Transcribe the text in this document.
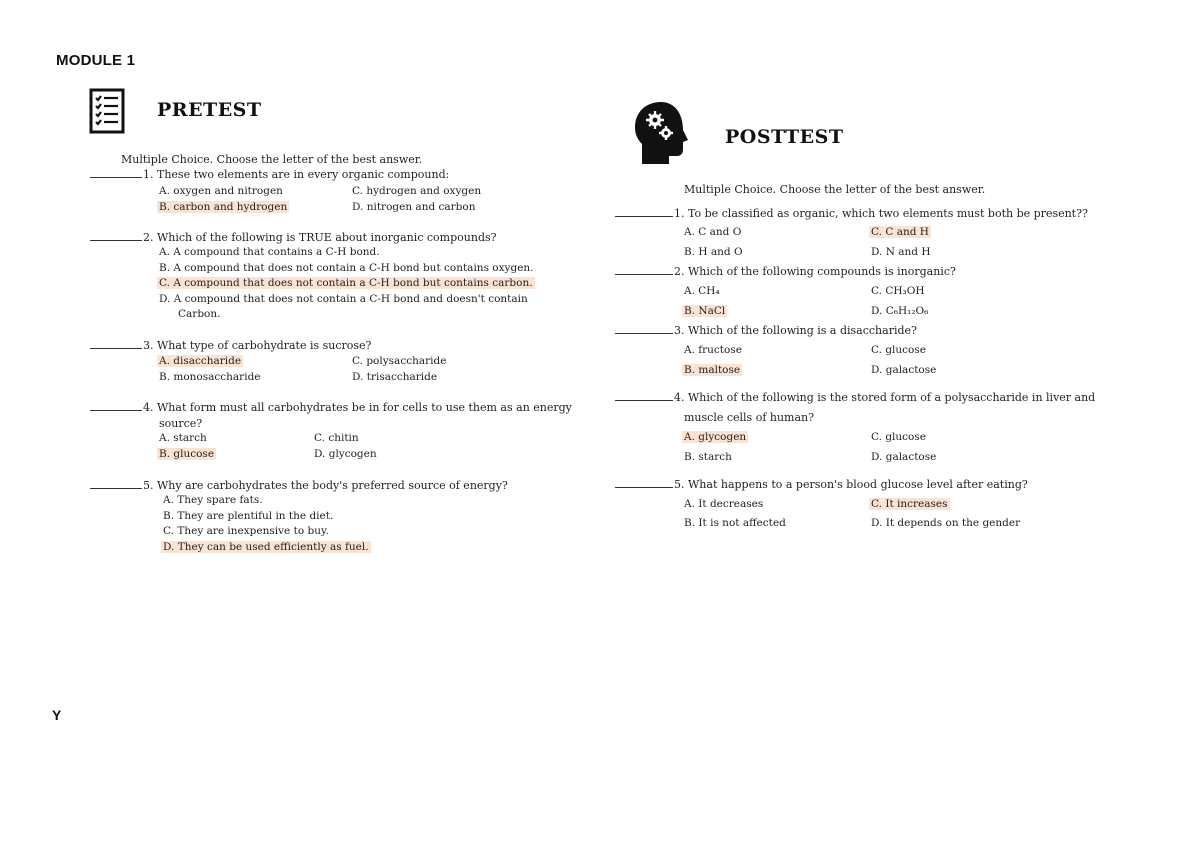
MODULE 1
Y
PRETEST
Multiple Choice. Choose the letter of the best answer.
1. These two elements are in every organic compound:
A. oxygen and nitrogen	C. hydrogen and oxygen
B. carbon and hydrogen	D. nitrogen and carbon
2. Which of the following is TRUE about inorganic compounds?
A. A compound that contains a C-H bond.
B. A compound that does not contain a C-H bond but contains oxygen.
C. A compound that does not contain a C-H bond but contains carbon.
D. A compound that does not contain a C-H bond and doesn't contain
Carbon.
3. What type of carbohydrate is sucrose?
A. disaccharide	C. polysaccharide
B. monosaccharide	D. trisaccharide
4. What form must all carbohydrates be in for cells to use them as an energy
source?
A. starch	C. chitin
B. glucose	D. glycogen
5. Why are carbohydrates the body's preferred source of energy?
A. They spare fats.
B. They are plentiful in the diet.
C. They are inexpensive to buy.
D. They can be used efficiently as fuel.
POSTTEST
Multiple Choice. Choose the letter of the best answer.
1. To be classified as organic, which two elements must both be present??
A. C and O	C. C and H
B. H and O	D. N and H
2. Which of the following compounds is inorganic?
A. CH₄	C. CH₃OH
B. NaCl	D. C₆H₁₂O₆
3. Which of the following is a disaccharide?
A. fructose	C. glucose
B. maltose	D. galactose
4. Which of the following is the stored form of a polysaccharide in liver and
muscle cells of human?
A. glycogen	C. glucose
B. starch	D. galactose
5. What happens to a person's blood glucose level after eating?
A. It decreases	C. It increases
B. It is not affected	D. It depends on the gender
